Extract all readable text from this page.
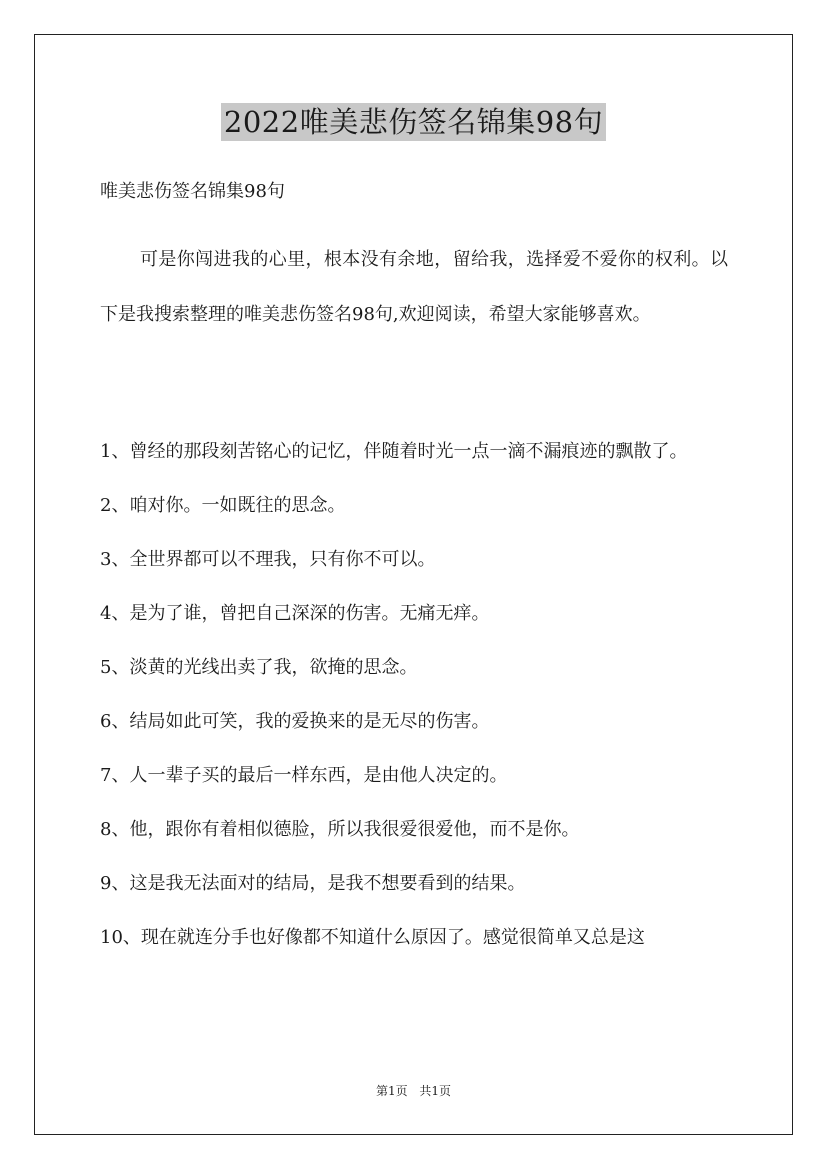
2022唯美悲伤签名锦集98句
唯美悲伤签名锦集98句

可是你闯进我的心里，根本没有余地，留给我，选择爱不爱你的权利。以下是我搜索整理的唯美悲伤签名98句,欢迎阅读，希望大家能够喜欢。

1、曾经的那段刻苦铭心的记忆，伴随着时光一点一滴不漏痕迹的飘散了。
2、咱对你。一如既往的思念。
3、全世界都可以不理我，只有你不可以。
4、是为了谁，曾把自己深深的伤害。无痛无痒。
5、淡黄的光线出卖了我，欲掩的思念。
6、结局如此可笑，我的爱换来的是无尽的伤害。
7、人一辈子买的最后一样东西，是由他人决定的。
8、他，跟你有着相似德脸，所以我很爱很爱他，而不是你。
9、这是我无法面对的结局，是我不想要看到的结果。
10、现在就连分手也好像都不知道什么原因了。感觉很简单又总是这
第1页 共1页
